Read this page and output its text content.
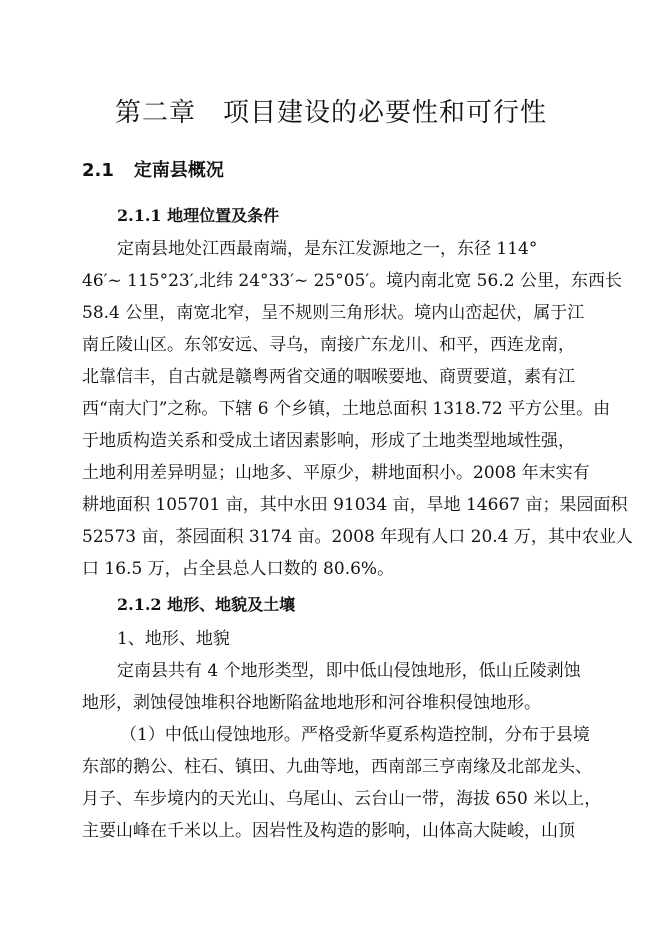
第二章　项目建设的必要性和可行性
2.1 定南县概况
2.1.1 地理位置及条件

定南县地处江西最南端，是东江发源地之一，东径 114°

46′~ 115°23′,北纬 24°33′~ 25°05′。境内南北宽 56.2 公里，东西长

58.4 公里，南宽北窄，呈不规则三角形状。境内山峦起伏，属于江

南丘陵山区。东邻安远、寻乌，南接广东龙川、和平，西连龙南，

北靠信丰，自古就是赣粤两省交通的咽喉要地、商贾要道，素有江

西“南大门”之称。下辖 6 个乡镇，土地总面积 1318.72 平方公里。由

于地质构造关系和受成土诸因素影响，形成了土地类型地域性强，

土地利用差异明显；山地多、平原少，耕地面积小。2008 年末实有

耕地面积 105701 亩，其中水田 91034 亩，旱地 14667 亩；果园面积

52573 亩，茶园面积 3174 亩。2008 年现有人口 20.4 万，其中农业人

口 16.5 万，占全县总人口数的 80.6%。

2.1.2 地形、地貌及土壤

1、地形、地貌

定南县共有 4 个地形类型，即中低山侵蚀地形，低山丘陵剥蚀

地形，剥蚀侵蚀堆积谷地断陷盆地地形和河谷堆积侵蚀地形。

（1）中低山侵蚀地形。严格受新华夏系构造控制，分布于县境

东部的鹅公、柱石、镇田、九曲等地，西南部三亨南缘及北部龙头、

月子、车步境内的天光山、乌尾山、云台山一带，海拔 650 米以上，

主要山峰在千米以上。因岩性及构造的影响，山体高大陡峻，山顶
